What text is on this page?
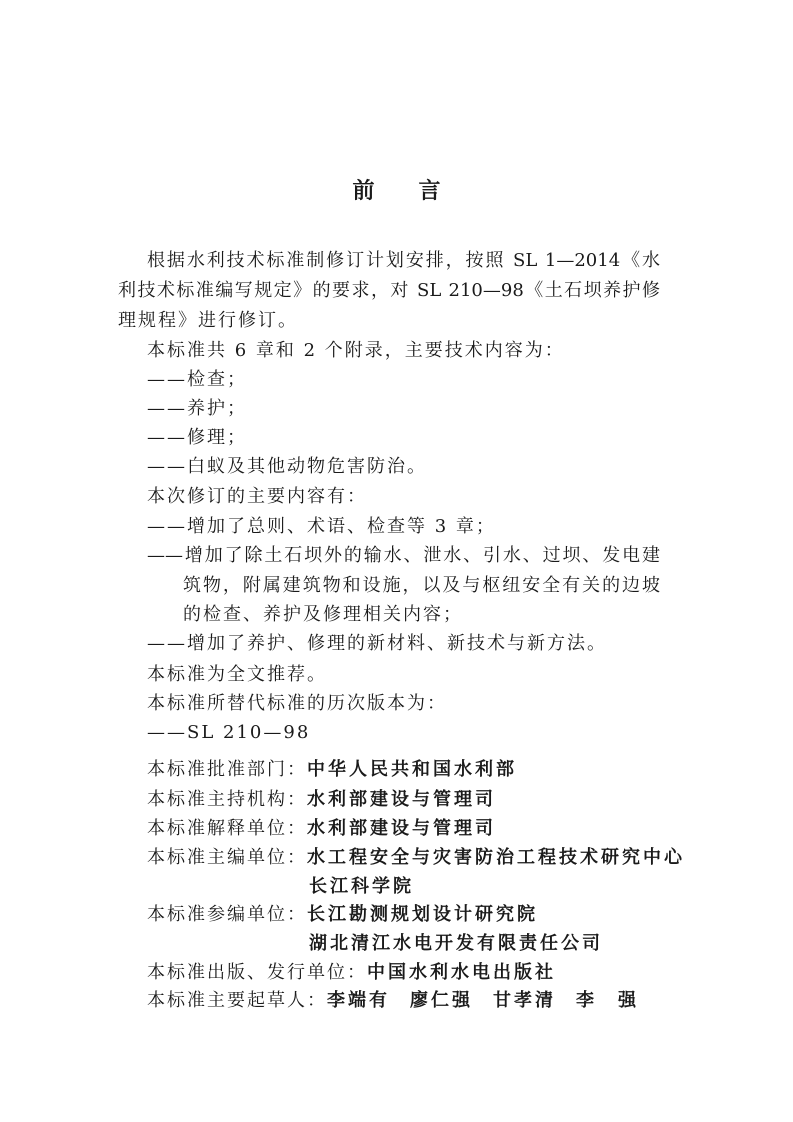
前言
根据水利技术标准制修订计划安排，按照 SL 1—2014《水
利技术标准编写规定》的要求，对 SL 210—98《土石坝养护修
理规程》进行修订。
本标准共 6 章和 2 个附录，主要技术内容为：
——检查；
——养护；
——修理；
——白蚁及其他动物危害防治。
本次修订的主要内容有：
——增加了总则、术语、检查等 3 章；
——增加了除土石坝外的输水、泄水、引水、过坝、发电建
筑物，附属建筑物和设施，以及与枢纽安全有关的边坡
的检查、养护及修理相关内容；
——增加了养护、修理的新材料、新技术与新方法。
本标准为全文推荐。
本标准所替代标准的历次版本为：
——SL 210—98
本标准批准部门：中华人民共和国水利部
本标准主持机构：水利部建设与管理司
本标准解释单位：水利部建设与管理司
本标准主编单位：水工程安全与灾害防治工程技术研究中心
长江科学院
本标准参编单位：长江勘测规划设计研究院
湖北清江水电开发有限责任公司
本标准出版、发行单位：中国水利水电出版社
本标准主要起草人：李端有 廖仁强 甘孝清 李　强
